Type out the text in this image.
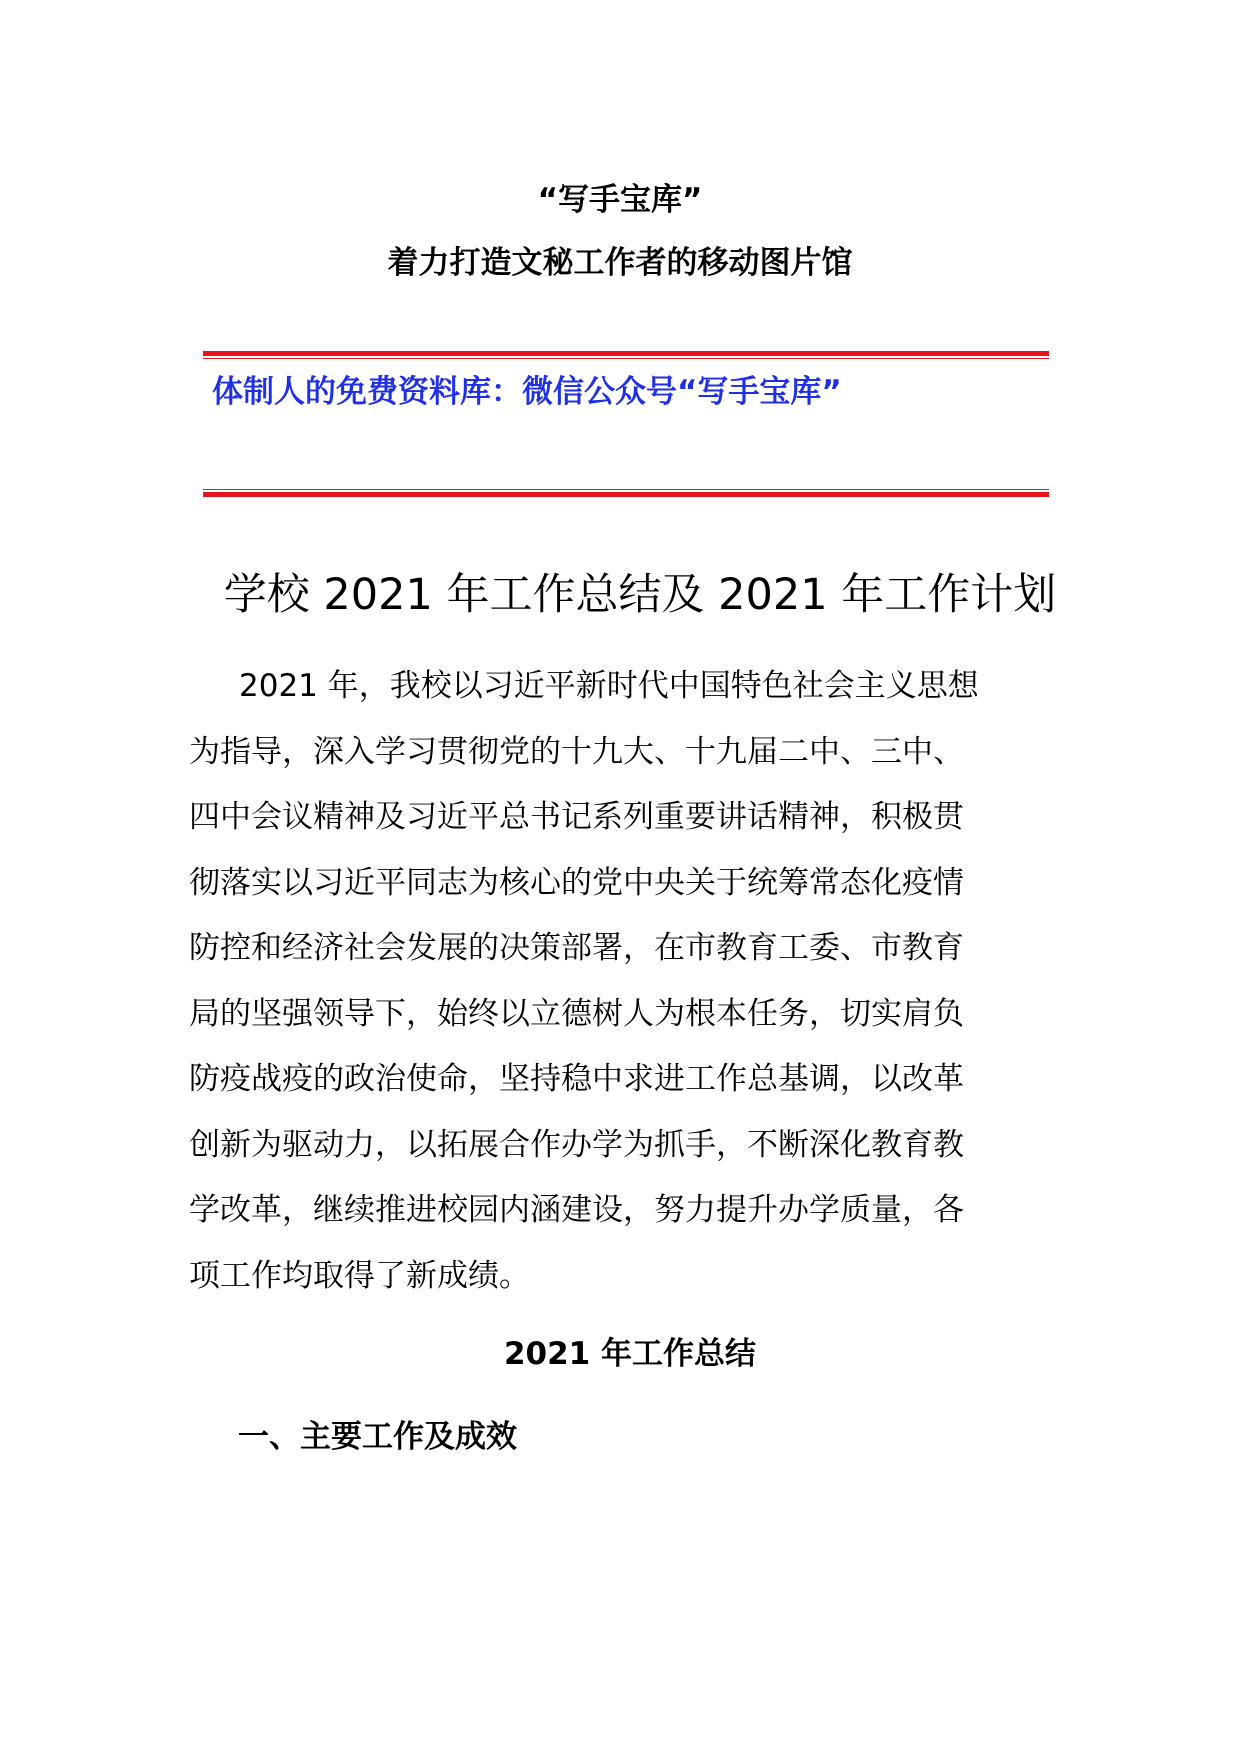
“写手宝库”
着力打造文秘工作者的移动图片馆
体制人的免费资料库：微信公众号“写手宝库”
学校 2021 年工作总结及 2021 年工作计划
2021 年，我校以习近平新时代中国特色社会主义思想
为指导，深入学习贯彻党的十九大、十九届二中、三中、
四中会议精神及习近平总书记系列重要讲话精神，积极贯
彻落实以习近平同志为核心的党中央关于统筹常态化疫情
防控和经济社会发展的决策部署，在市教育工委、市教育
局的坚强领导下，始终以立德树人为根本任务，切实肩负
防疫战疫的政治使命，坚持稳中求进工作总基调，以改革
创新为驱动力，以拓展合作办学为抓手，不断深化教育教
学改革，继续推进校园内涵建设，努力提升办学质量，各
项工作均取得了新成绩。
2021 年工作总结
一、主要工作及成效
